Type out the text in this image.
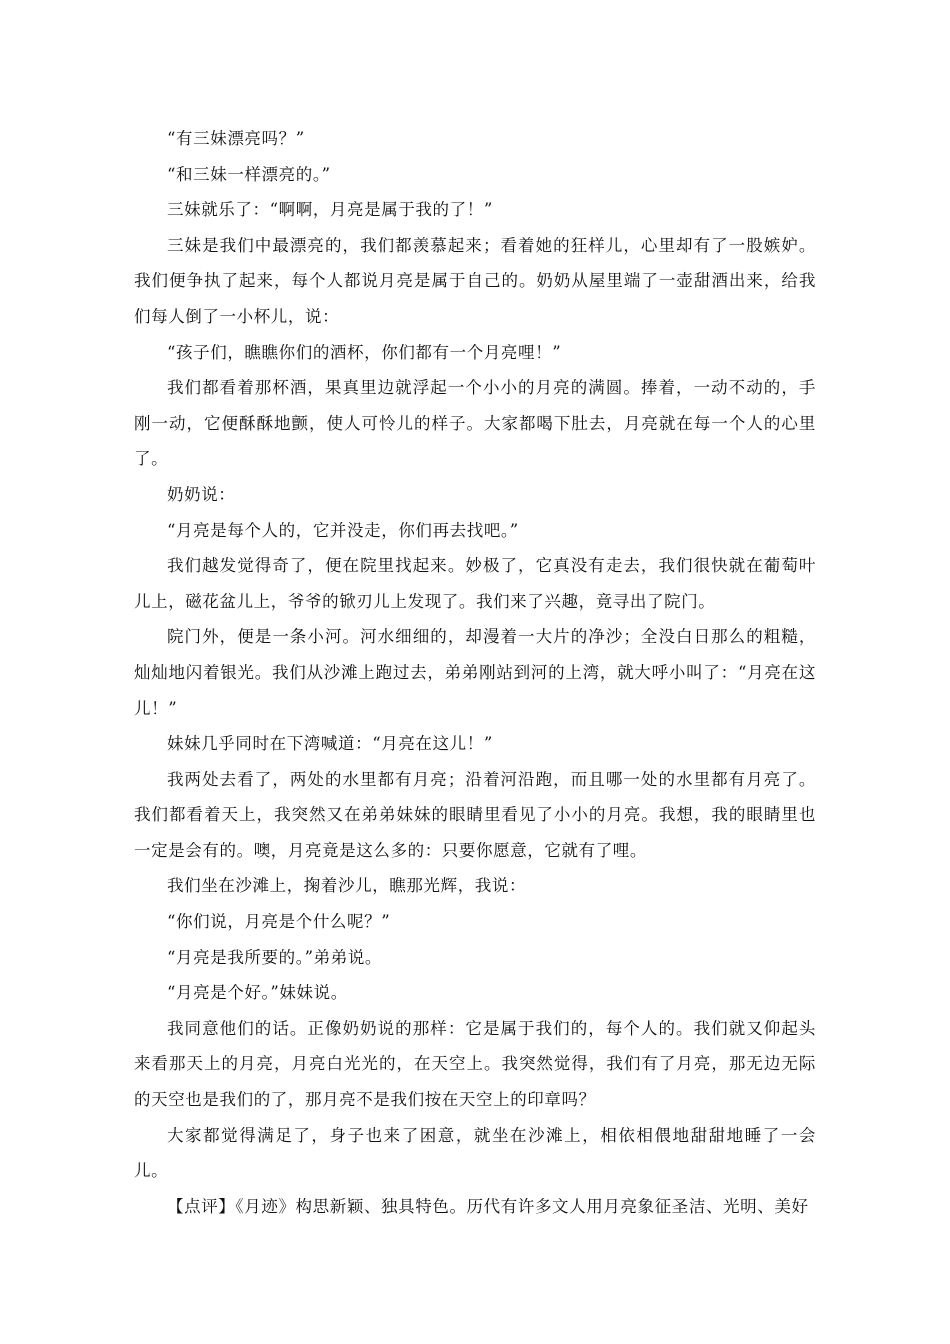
“有三妹漂亮吗？”

“和三妹一样漂亮的。”

三妹就乐了：“啊啊，月亮是属于我的了！”

三妹是我们中最漂亮的，我们都羡慕起来；看着她的狂样儿，心里却有了一股嫉妒。我们便争执了起来，每个人都说月亮是属于自己的。奶奶从屋里端了一壶甜酒出来，给我们每人倒了一小杯儿，说：

“孩子们，瞧瞧你们的酒杯，你们都有一个月亮哩！”

我们都看着那杯酒，果真里边就浮起一个小小的月亮的满圆。捧着，一动不动的，手刚一动，它便酥酥地颤，使人可怜儿的样子。大家都喝下肚去，月亮就在每一个人的心里了。

奶奶说：

“月亮是每个人的，它并没走，你们再去找吧。”

我们越发觉得奇了，便在院里找起来。妙极了，它真没有走去，我们很快就在葡萄叶儿上，磁花盆儿上，爷爷的锨刃儿上发现了。我们来了兴趣，竟寻出了院门。

院门外，便是一条小河。河水细细的，却漫着一大片的净沙；全没白日那么的粗糙，灿灿地闪着银光。我们从沙滩上跑过去，弟弟刚站到河的上湾，就大呼小叫了：“月亮在这儿！”

妹妹几乎同时在下湾喊道：“月亮在这儿！”

我两处去看了，两处的水里都有月亮；沿着河沿跑，而且哪一处的水里都有月亮了。我们都看着天上，我突然又在弟弟妹妹的眼睛里看见了小小的月亮。我想，我的眼睛里也一定是会有的。噢，月亮竟是这么多的：只要你愿意，它就有了哩。

我们坐在沙滩上，掬着沙儿，瞧那光辉，我说：

“你们说，月亮是个什么呢？”

“月亮是我所要的。”弟弟说。

“月亮是个好。”妹妹说。

我同意他们的话。正像奶奶说的那样：它是属于我们的，每个人的。我们就又仰起头来看那天上的月亮，月亮白光光的，在天空上。我突然觉得，我们有了月亮，那无边无际的天空也是我们的了，那月亮不是我们按在天空上的印章吗？

大家都觉得满足了，身子也来了困意，就坐在沙滩上，相依相偎地甜甜地睡了一会儿。

【点评】《月迹》构思新颖、独具特色。历代有许多文人用月亮象征圣洁、光明、美好
